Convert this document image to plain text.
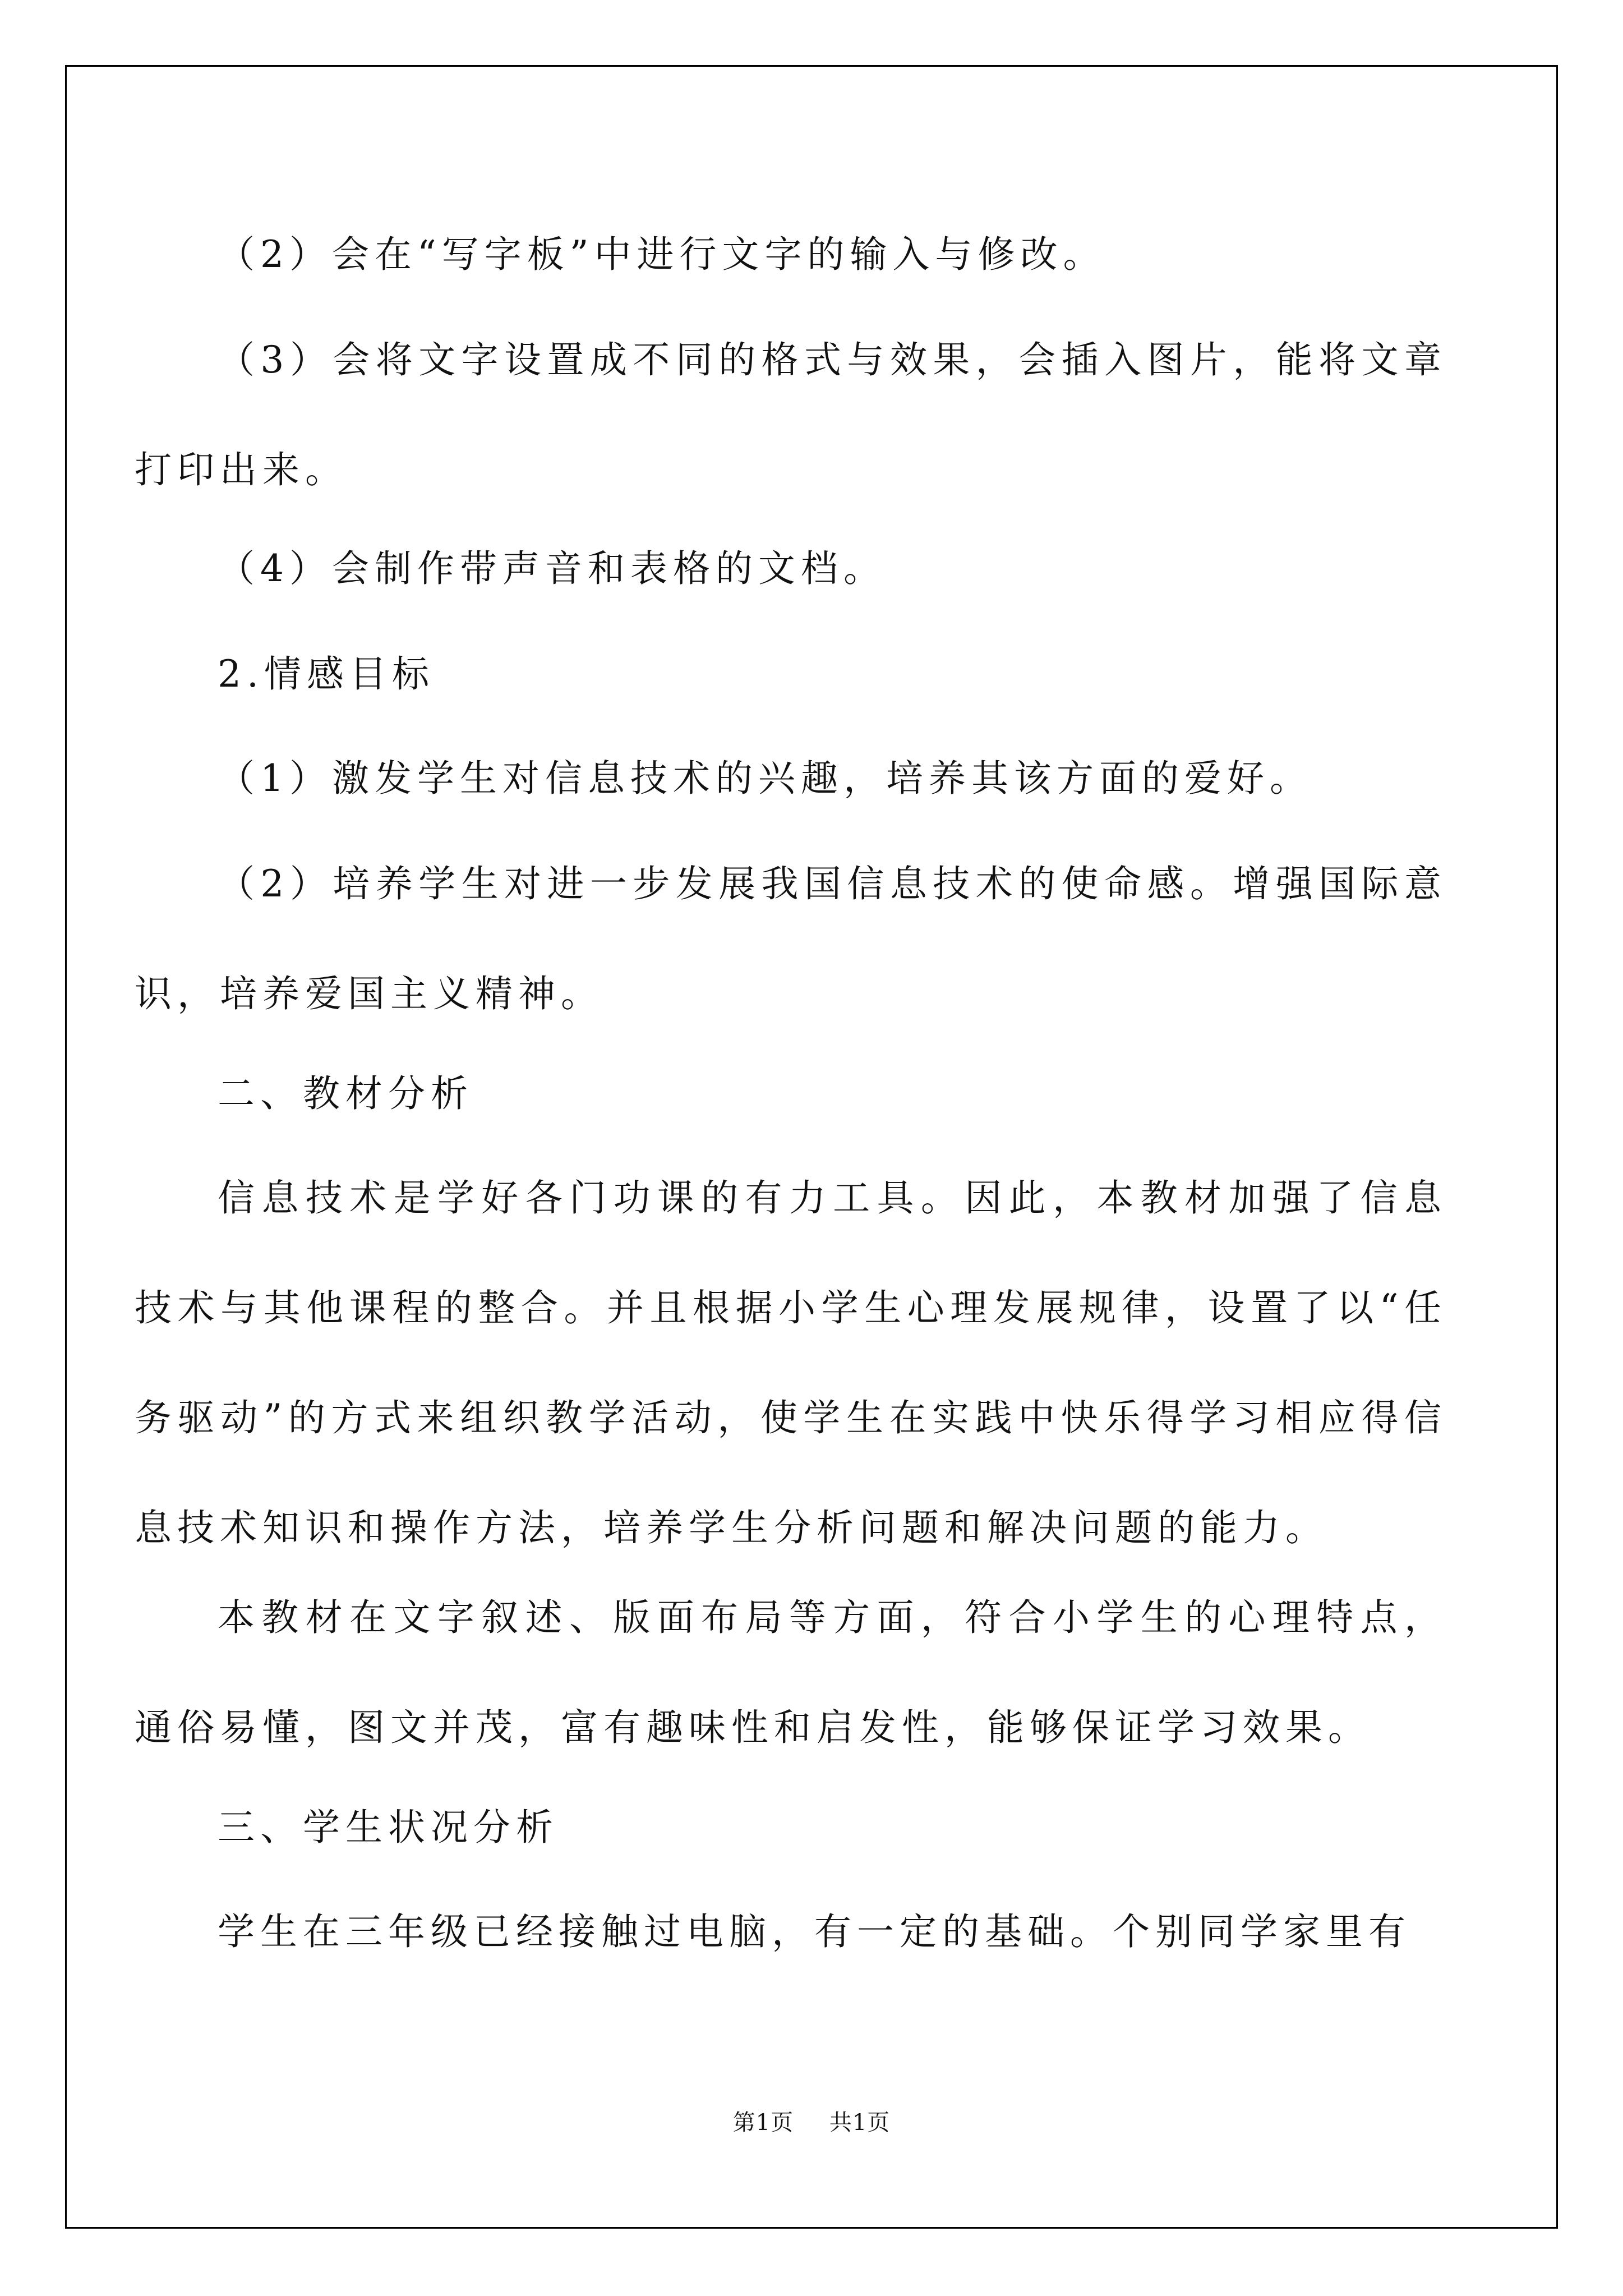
（2）会在“写字板”中进行文字的输入与修改。

（3）会将文字设置成不同的格式与效果，会插入图片，能将文章打印出来。

（4）会制作带声音和表格的文档。

2.情感目标

（1）激发学生对信息技术的兴趣，培养其该方面的爱好。

（2）培养学生对进一步发展我国信息技术的使命感。增强国际意识，培养爱国主义精神。

二、教材分析

信息技术是学好各门功课的有力工具。因此，本教材加强了信息技术与其他课程的整合。并且根据小学生心理发展规律，设置了以“任务驱动”的方式来组织教学活动，使学生在实践中快乐得学习相应得信息技术知识和操作方法，培养学生分析问题和解决问题的能力。

本教材在文字叙述、版面布局等方面，符合小学生的心理特点，通俗易懂，图文并茂，富有趣味性和启发性，能够保证学习效果。

三、学生状况分析

学生在三年级已经接触过电脑，有一定的基础。个别同学家里有

第1页 共1页
